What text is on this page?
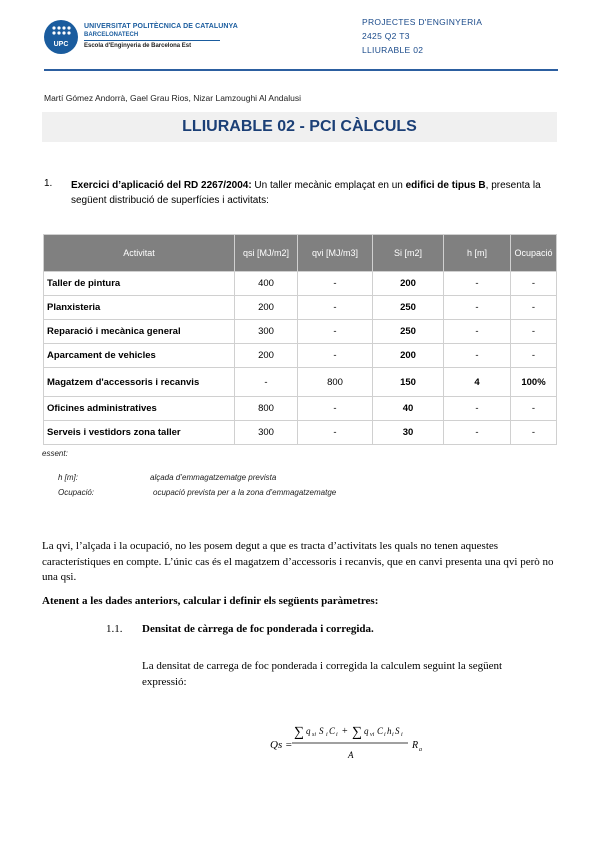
UPC
UNIVERSITAT POLITÈCNICA DE CATALUNYA
BARCELONATECH
Escola d'Enginyeria de Barcelona Est
PROJECTES D'ENGINYERIA
2425 Q2 T3
LLIURABLE 02
Martí Gómez Andorrà, Gael Grau Rios, Nizar Lamzoughi Al Andalusi
LLIURABLE 02 - PCI CÀLCULS
1. Exercici d’aplicació del RD 2267/2004: Un taller mecànic emplaçat en un edifici de tipus B, presenta la següent distribució de superfícies i activitats:
Activitat	qsi [MJ/m2]	qvi [MJ/m3]	Si [m2]	h [m]	Ocupació
Taller de pintura	400	-	200	-	-
Planxisteria	200	-	250	-	-
Reparació i mecànica general	300	-	250	-	-
Aparcament de vehicles	200	-	200	-	-
Magatzem d'accessoris i recanvis	-	800	150	4	100%
Oficines administratives	800	-	40	-	-
Serveis i vestidors zona taller	300	-	30	-	-
essent:
h [m]:	alçada d’emmagatzematge prevista
Ocupació:	ocupació prevista per a la zona d’emmagatzematge
La qvi, l’alçada i la ocupació, no les posem degut a que es tracta d’activitats les quals no tenen aquestes característiques en compte. L’únic cas és el magatzem d’accessoris i recanvis, que en canvi presenta una qvi però no una qsi.
Atenent a les dades anteriors, calcular i definir els següents paràmetres:
1.1. Densitat de càrrega de foc ponderada i corregida.
La densitat de carrega de foc ponderada i corregida la calculem seguint la següent expressió:
Qs =
∑ q si S i C i + ∑ q vi C i h i S i
A
R a
